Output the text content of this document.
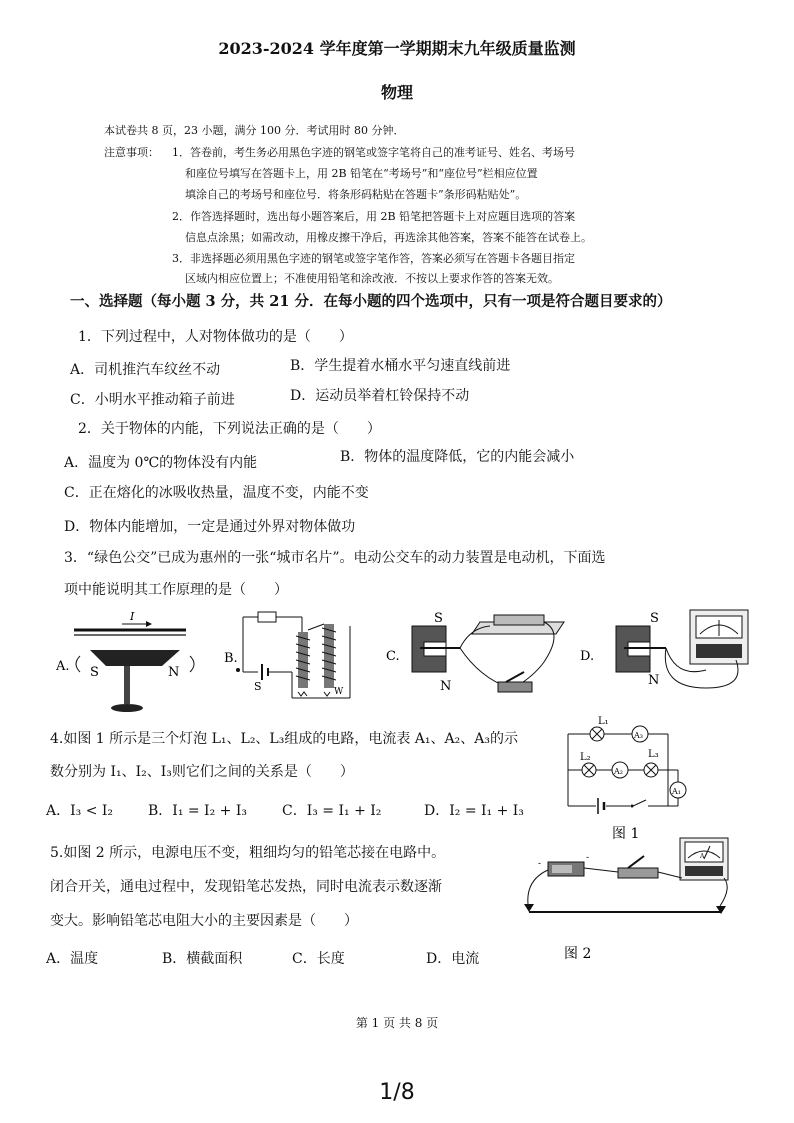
2023-2024 学年度第一学期期末九年级质量监测
物理
本试卷共 8 页，23 小题，满分 100 分．考试用时 80 分钟．
注意事项： 1．答卷前，考生务必用黑色字迹的钢笔或签字笔将自己的准考证号、姓名、考场号
和座位号填写在答题卡上，用 2B 铅笔在“考场号”和“座位号”栏相应位置
填涂自己的考场号和座位号．将条形码粘贴在答题卡”条形码粘贴处”。
2．作答选择题时，选出每小题答案后，用 2B 铅笔把答题卡上对应题目选项的答案
信息点涂黑；如需改动，用橡皮擦干净后，再选涂其他答案，答案不能答在试卷上。
3．非选择题必须用黑色字迹的钢笔或签字笔作答，答案必须写在答题卡各题目指定
区域内相应位置上；不准使用铅笔和涂改液．不按以上要求作答的答案无效。
一、选择题（每小题 3 分，共 21 分．在每小题的四个选项中，只有一项是符合题目要求的）
1．下列过程中，人对物体做功的是（　　）
A．司机推汽车纹丝不动	B．学生提着水桶水平匀速直线前进
C．小明水平推动箱子前进	D．运动员举着杠铃保持不动
2．关于物体的内能，下列说法正确的是（　　）
A．温度为 0℃的物体没有内能	B．物体的温度降低，它的内能会减小
C．正在熔化的冰吸收热量，温度不变，内能不变
D．物体内能增加，一定是通过外界对物体做功
3．“绿色公交”已成为惠州的一张“城市名片”。电动公交车的动力装置是电动机，下面选
项中能说明其工作原理的是（　　）
I
A. S	N
B.
S	W
C.
S
N
D.
S
N
4.如图 1 所示是三个灯泡 L₁、L₂、L₃组成的电路，电流表 A₁、A₂、A₃的示
数分别为 I₁、I₂、I₃则它们之间的关系是（　　）
A．I₃ < I₂ B．I₁ = I₂ + I₃	C．I₃ = I₁ + I₂	D．I₂ = I₁ + I₃
L₁
L₂	L₃
A₃
A₂
A₁
图 1
5.如图 2 所示，电源电压不变，粗细均匀的铅笔芯接在电路中。
闭合开关，通电过程中，发现铅笔芯发热，同时电流表示数逐渐
变大。影响铅笔芯电阻大小的主要因素是（　　）
A．温度	B．横截面积	C．长度	D．电流
-
-	A
图 2
第 1 页 共 8 页
1/8
